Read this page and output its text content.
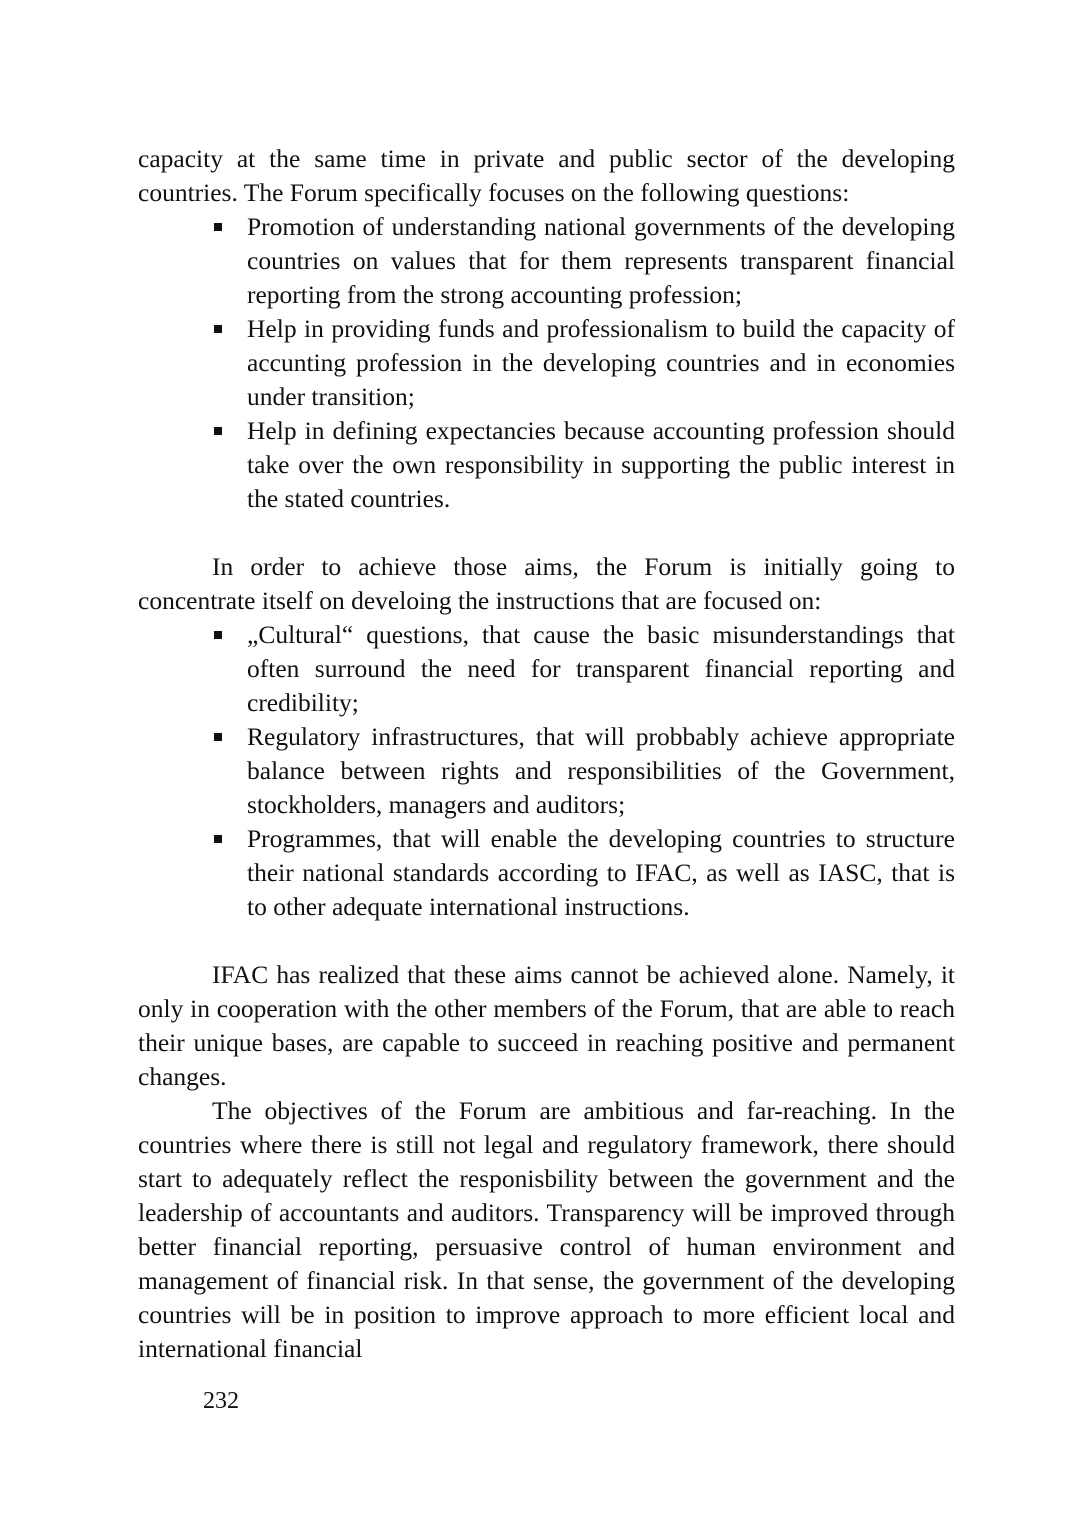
capacity at the same time in private and public sector of the developing countries. The Forum specifically focuses on the following questions:

Promotion of understanding national governments of the developing countries on values that for them represents transparent financial reporting from the strong accounting profession;
Help in providing funds and professionalism to build the capacity of accunting profession in the developing countries and in economies under transition;
Help in defining expectancies because accounting profession should take over the own responsibility in supporting the public interest in the stated countries.

In order to achieve those aims, the Forum is initially going to concentrate itself on develoing the instructions that are focused on:

„Cultural“ questions, that cause the basic misunderstandings that often surround the need for transparent financial reporting and credibility;
Regulatory infrastructures, that will probbably achieve appropriate balance between rights and responsibilities of the Government, stockholders, managers and auditors;
Programmes, that will enable the developing countries to structure their national standards according to IFAC, as well as IASC, that is to other adequate international instructions.

IFAC has realized that these aims cannot be achieved alone. Namely, it only in cooperation with the other members of the Forum, that are able to reach their unique bases, are capable to succeed in reaching positive and permanent changes.

The objectives of the Forum are ambitious and far-reaching. In the countries where there is still not legal and regulatory framework, there should start to adequately reflect the responisbility between the government and the leadership of accountants and auditors. Transparency will be improved through better financial reporting, persuasive control of human environment and management of financial risk. In that sense, the government of the developing countries will be in position to improve approach to more efficient local and international financial

232
